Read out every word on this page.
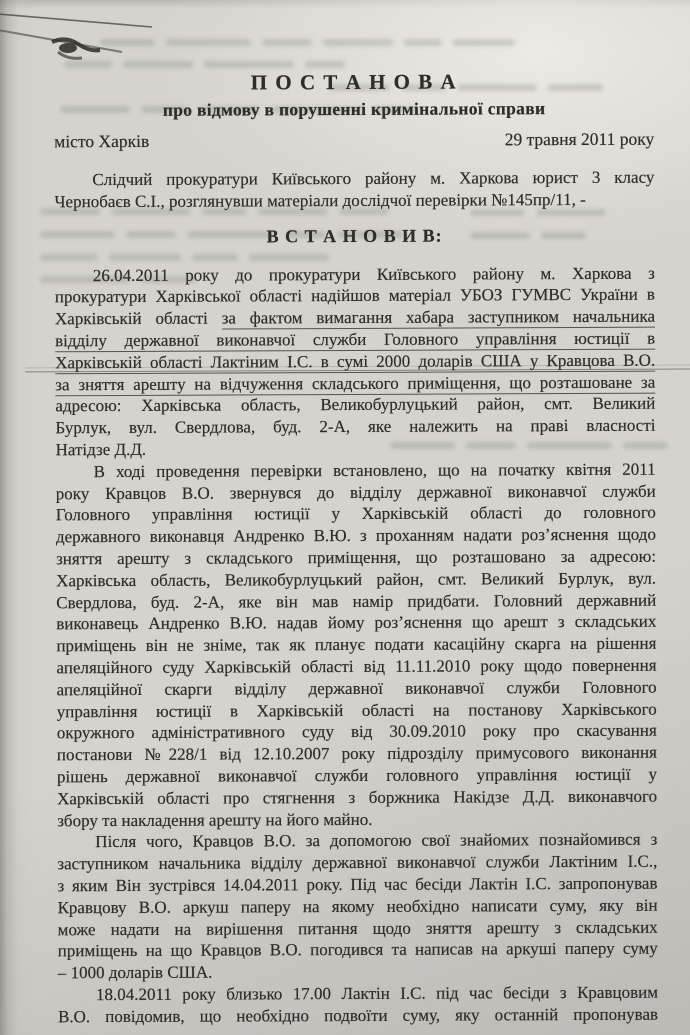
П О С Т А Н О В А
про відмову в порушенні кримінальної справи
місто Харків	29 травня 2011 року
Слідчий прокуратури Київського району м. Харкова юрист 3 класу
Чернобаєв С.І., розглянувши матеріали дослідчої перевірки №145пр/11, -
В С Т А Н О В И В:
26.04.2011 року до прокуратури Київського району м. Харкова з
прокуратури Харківської області надійшов матеріал УБОЗ ГУМВС України в
Харківській області за фактом вимагання хабара заступником начальника
відділу державної виконавчої служби Головного управління юстиції в
Харківській області Лактіним І.С. в сумі 2000 доларів США у Кравцова В.О.
за зняття арешту на відчуження складського приміщення, що розташоване за
адресою: Харківська область, Великобурлуцький район, смт. Великий
Бурлук, вул. Свердлова, буд. 2-А, яке належить на праві власності
Натідзе Д.Д.
В ході проведення перевірки встановлено, що на початку квітня 2011
року Кравцов В.О. звернувся до відділу державної виконавчої служби
Головного управління юстиції у Харківській області до головного
державного виконавця Андренко В.Ю. з проханням надати роз’яснення щодо
зняття арешту з складського приміщення, що розташовано за адресою:
Харківська область, Великобурлуцький район, смт. Великий Бурлук, вул.
Свердлова, буд. 2-А, яке він мав намір придбати. Головний державний
виконавець Андренко В.Ю. надав йому роз’яснення що арешт з складських
приміщень він не зніме, так як планує подати касаційну скарга на рішення
апеляційного суду Харківській області від 11.11.2010 року щодо повернення
апеляційної скарги відділу державної виконавчої служби Головного
управління юстиції в Харківській області на постанову Харківського
окружного адміністративного суду від 30.09.2010 року про скасування
постанови №228/1 від 12.10.2007 року підрозділу примусового виконання
рішень державної виконавчої служби головного управління юстиції у
Харківській області про стягнення з боржника Накідзе Д.Д. виконавчого
збору та накладення арешту на його майно.
Після чого, Кравцов В.О. за допомогою свої знайомих познайомився з
заступником начальника відділу державної виконавчої служби Лактіним І.С.,
з яким Він зустрівся 14.04.2011 року. Під час бесіди Лактін І.С. запропонував
Кравцову В.О. аркуш паперу на якому необхідно написати суму, яку він
може надати на вирішення питання щодо зняття арешту з складських
приміщень на що Кравцов В.О. погодився та написав на аркуші паперу суму
– 1000 доларів США.
18.04.2011 року близько 17.00 Лактін І.С. під час бесіди з Кравцовим
В.О. повідомив, що необхідно подвоїти суму, яку останній пропонував
